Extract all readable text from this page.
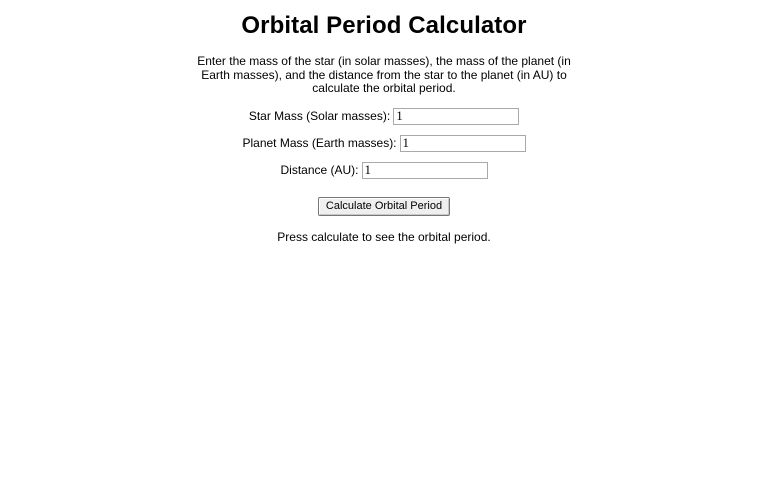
Orbital Period Calculator

Enter the mass of the star (in solar masses), the mass of the planet (in Earth masses), and the distance from the star to the planet (in AU) to calculate the orbital period.

Star Mass (Solar masses):1
Planet Mass (Earth masses):1
Distance (AU):1
Calculate Orbital Period

Press calculate to see the orbital period.
